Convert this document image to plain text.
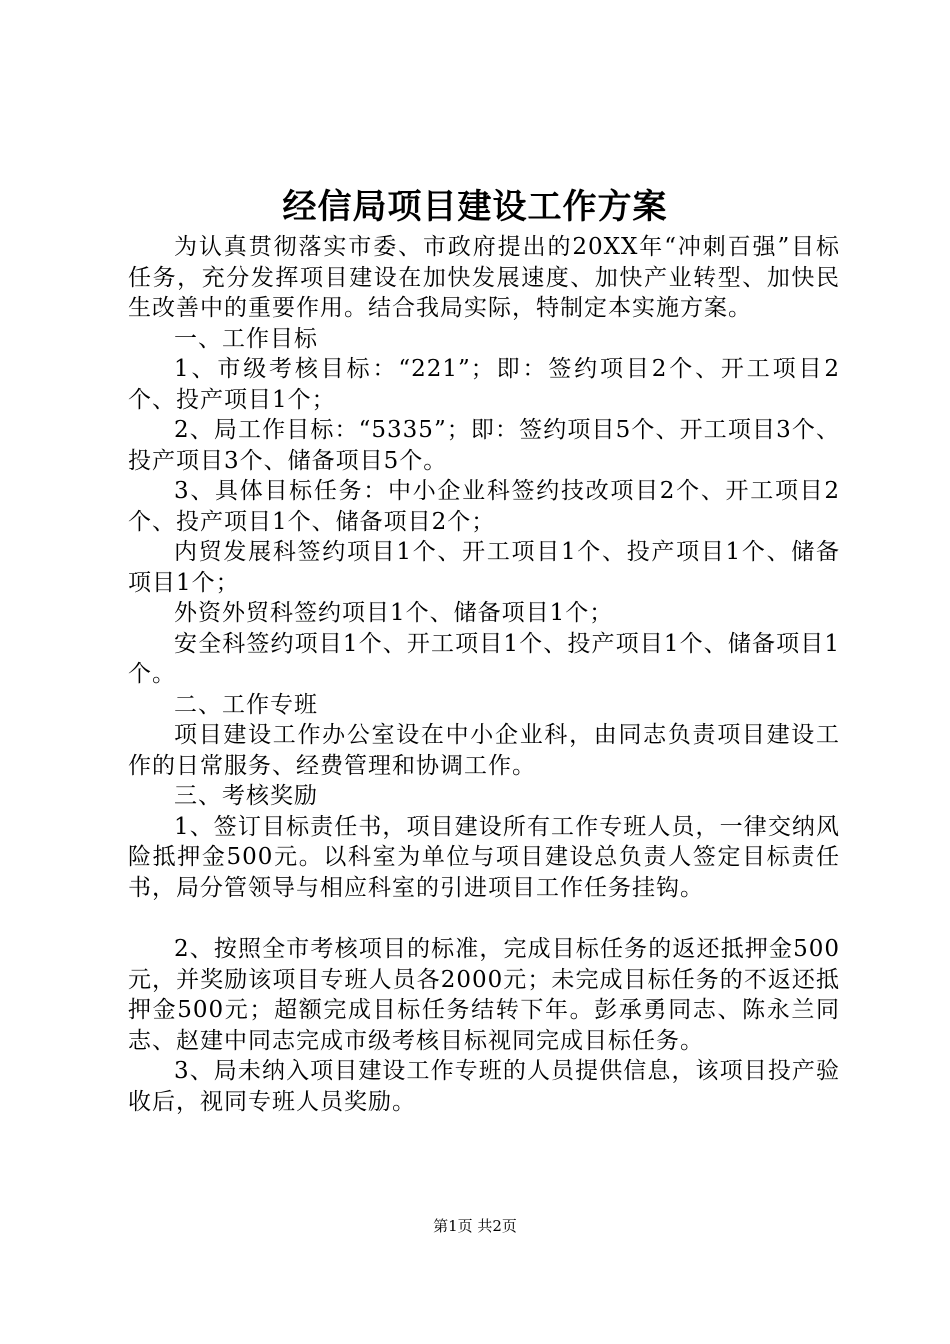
经信局项目建设工作方案

为认真贯彻落实市委、市政府提出的20XX年“冲刺百强”目标任务，充分发挥项目建设在加快发展速度、加快产业转型、加快民生改善中的重要作用。结合我局实际，特制定本实施方案。

一、工作目标

1、市级考核目标：“221”；即：签约项目2个、开工项目2个、投产项目1个；

2、局工作目标：“5335”；即：签约项目5个、开工项目3个、投产项目3个、储备项目5个。

3、具体目标任务：中小企业科签约技改项目2个、开工项目2个、投产项目1个、储备项目2个；

内贸发展科签约项目1个、开工项目1个、投产项目1个、储备项目1个；

外资外贸科签约项目1个、储备项目1个；

安全科签约项目1个、开工项目1个、投产项目1个、储备项目1个。

二、工作专班

项目建设工作办公室设在中小企业科，由同志负责项目建设工作的日常服务、经费管理和协调工作。

三、考核奖励

1、签订目标责任书，项目建设所有工作专班人员，一律交纳风险抵押金500元。以科室为单位与项目建设总负责人签定目标责任书，局分管领导与相应科室的引进项目工作任务挂钩。

2、按照全市考核项目的标准，完成目标任务的返还抵押金500元，并奖励该项目专班人员各2000元；未完成目标任务的不返还抵押金500元；超额完成目标任务结转下年。彭承勇同志、陈永兰同志、赵建中同志完成市级考核目标视同完成目标任务。

3、局未纳入项目建设工作专班的人员提供信息，该项目投产验收后，视同专班人员奖励。

第1页 共2页
